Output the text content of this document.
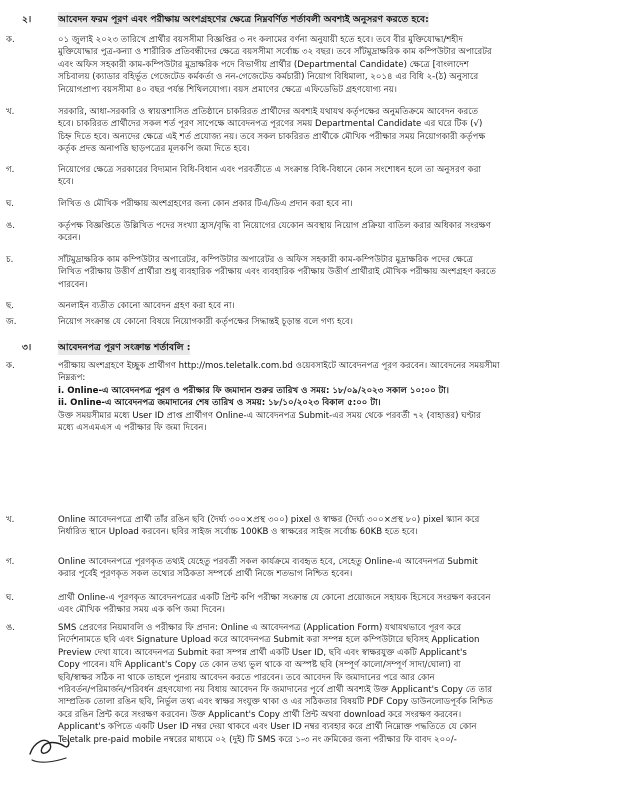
২।	আবেদন ফরম পূরণ এবং পরীক্ষায় অংশগ্রহণের ক্ষেত্রে নিম্নবর্ণিত শর্তাবলী অবশ্যই অনুসরণ করতে হবে:
ক.	০১ জুলাই ২০২৩ তারিখে প্রার্থীর বয়সসীমা বিজ্ঞপ্তির ৩ নং কলামের বর্ণনা অনুযায়ী হতে হবে। তবে বীর মুক্তিযোদ্ধা/শহীদ
মুক্তিযোদ্ধার পুত্র-কন্যা ও শারীরিক প্রতিবন্ধীদের ক্ষেত্রে বয়সসীমা সর্বোচ্চ ৩২ বছর। তবে সাঁটমুদ্রাক্ষরিক কাম কম্পিউটার অপারেটর
এবং অফিস সহকারী কাম-কম্পিউটার মুদ্রাক্ষরিক পদে বিভাগীয় প্রার্থীর (Departmental Candidate) ক্ষেত্রে [বাংলাদেশ
সচিবালয় (ক্যাডার বহির্ভূত গেজেটেড কর্মকর্তা ও নন-গেজেটেড কর্মচারী) নিয়োগ বিধিমালা, ২০১৪ এর বিধি ২-(ঠ) অনুসারে
নিয়োগপ্রাপ্য বয়সসীমা ৪০ বছর পর্যন্ত শিথিলযোগ্য। বয়স প্রমাণের ক্ষেত্রে এফিডেভিট গ্রহণযোগ্য নয়।
খ.	সরকারি, আধা-সরকারি ও স্বায়ত্তশাসিত প্রতিষ্ঠানে চাকরিরত প্রার্থীদের অবশ্যই যথাযথ কর্তৃপক্ষের অনুমতিক্রমে আবেদন করতে
হবে। চাকরিরত প্রার্থীদের সকল শর্ত পূরণ সাপেক্ষে আবেদনপত্র পূরণের সময় Departmental Candidate এর ঘরে টিক (√)
চিহ্ন দিতে হবে। অন্যদের ক্ষেত্রে এই শর্ত প্রযোজ্য নয়। তবে সকল চাকরিরত প্রার্থীকে মৌখিক পরীক্ষার সময় নিয়োগকারী কর্তৃপক্ষ
কর্তৃক প্রদত্ত অনাপত্তি ছাড়পত্রের মূলকপি জমা দিতে হবে।
গ.	নিয়োগের ক্ষেত্রে সরকারের বিদ্যমান বিধি-বিধান এবং পরবর্তীতে এ সংক্রান্ত বিধি-বিধানে কোন সংশোধন হলে তা অনুসরণ করা
হবে।
ঘ.	লিখিত ও মৌখিক পরীক্ষায় অংশগ্রহণের জন্য কোন প্রকার টিএ/ডিএ প্রদান করা হবে না।
ঙ.	কর্তৃপক্ষ বিজ্ঞপ্তিতে উল্লিখিত পদের সংখ্যা হ্রাস/বৃদ্ধি বা নিয়োগের যেকোন অবস্থায় নিয়োগ প্রক্রিয়া বাতিল করার অধিকার সংরক্ষণ
করেন।
চ.	সাঁটমুদ্রাক্ষরিক কাম কম্পিউটার অপারেটর, কম্পিউটার অপারেটর ও অফিস সহকারী কাম-কম্পিউটার মুদ্রাক্ষরিক পদের ক্ষেত্রে
লিখিত পরীক্ষায় উত্তীর্ণ প্রার্থীরা শুধু ব্যবহারিক পরীক্ষায় এবং ব্যবহারিক পরীক্ষায় উত্তীর্ণ প্রার্থীরাই মৌখিক পরীক্ষায় অংশগ্রহণ করতে
পারবেন।
ছ.	অনলাইন ব্যতীত কোনো আবেদন গ্রহণ করা হবে না।
জ.	নিয়োগ সংক্রান্ত যে কোনো বিষয়ে নিয়োগকারী কর্তৃপক্ষের সিদ্ধান্তই চূড়ান্ত বলে গণ্য হবে।
৩।	আবেদনপত্র পূরণ সংক্রান্ত শর্তাবলি :
ক.	পরীক্ষায় অংশগ্রহণে ইচ্ছুক প্রার্থীগণ http://mos.teletalk.com.bd ওয়েবসাইটে আবেদনপত্র পূরণ করবেন। আবেদনের সময়সীমা
নিম্নরূপ:
i. Online-এ আবেদনপত্র পূরণ ও পরীক্ষার ফি জমাদান শুরুর তারিখ ও সময়: ১৮/০৯/২০২৩ সকাল ১০:০০ টা।
ii. Online-এ আবেদনপত্র জমাদানের শেষ তারিখ ও সময়: ১৮/১০/২০২৩ বিকাল ৫:০০ টা।
উক্ত সময়সীমার মধ্যে User ID প্রাপ্ত প্রার্থীগণ Online-এ আবেদনপত্র Submit-এর সময় থেকে পরবর্তী ৭২ (বাহাত্তর) ঘণ্টার
মধ্যে এসএমএস এ পরীক্ষার ফি জমা দিবেন।
খ.	Online আবেদনপত্রে প্রার্থী তাঁর রঙিন ছবি (দৈর্ঘ্য ৩০০×প্রস্থ ৩০০) pixel ও স্বাক্ষর (দৈর্ঘ্য ৩০০×প্রস্থ ৮০) pixel স্ক্যান করে
নির্ধারিত স্থানে Upload করবেন। ছবির সাইজ সর্বোচ্চ 100KB ও স্বাক্ষরের সাইজ সর্বোচ্চ 60KB হতে হবে।
গ.	Online আবেদনপত্রে পূরণকৃত তথ্যই যেহেতু পরবর্তী সকল কার্যক্রমে ব্যবহৃত হবে, সেহেতু Online-এ আবেদনপত্র Submit
করার পূর্বেই পূরণকৃত সকল তথ্যের সঠিকতা সম্পর্কে প্রার্থী নিজে শতভাগ নিশ্চিত হবেন।
ঘ.	প্রার্থী Online-এ পূরণকৃত আবেদনপত্রের একটি প্রিন্ট কপি পরীক্ষা সংক্রান্ত যে কোনো প্রয়োজনে সহায়ক হিসেবে সংরক্ষণ করবেন
এবং মৌখিক পরীক্ষার সময় এক কপি জমা দিবেন।
ঙ.	SMS প্রেরণের নিয়মাবলি ও পরীক্ষার ফি প্রদান: Online এ আবেদনপত্র (Application Form) যথাযথভাবে পূরণ করে
নির্দেশনামতে ছবি এবং Signature Upload করে আবেদনপত্র Submit করা সম্পন্ন হলে কম্পিউটারে ছবিসহ Application
Preview দেখা যাবে। আবেদনপত্র Submit করা সম্পন্ন প্রার্থী একটি User ID, ছবি এবং স্বাক্ষরযুক্ত একটি Applicant's
Copy পাবেন। যদি Applicant's Copy তে কোন তথ্য ভুল থাকে বা অস্পষ্ট ছবি (সম্পূর্ণ কালো/সম্পূর্ণ সাদা/ঘোলা) বা
ছবি/স্বাক্ষর সঠিক না থাকে তাহলে পুনরায় আবেদন করতে পারবেন। তবে আবেদন ফি জমাদানের পরে আর কোন
পরিবর্তন/পরিমার্জন/পরিবর্ধন গ্রহণযোগ্য নয় বিধায় আবেদন ফি জমাদানের পূর্বে প্রার্থী অবশ্যই উক্ত Applicant's Copy তে তার
সাম্প্রতিক তোলা রঙিন ছবি, নির্ভুল তথ্য এবং স্বাক্ষর সংযুক্ত থাকা ও এর সঠিকতার বিষয়টি PDF Copy ডাউনলোডপূর্বক নিশ্চিত
করে রঙিন প্রিন্ট করে সংরক্ষণ করবেন। উক্ত Applicant's Copy প্রার্থী প্রিন্ট অথবা download করে সংরক্ষণ করবেন।
Applicant's কপিতে একটি User ID নম্বর দেয়া থাকবে এবং User ID নম্বর ব্যবহার করে প্রার্থী নিম্নোক্ত পদ্ধতিতে যে কোন
Teletalk pre-paid mobile নম্বরের মাধ্যমে ০২ (দুই) টি SMS করে ১-৩ নং ক্রমিকের জন্য পরীক্ষার ফি বাবদ ২০০/-
